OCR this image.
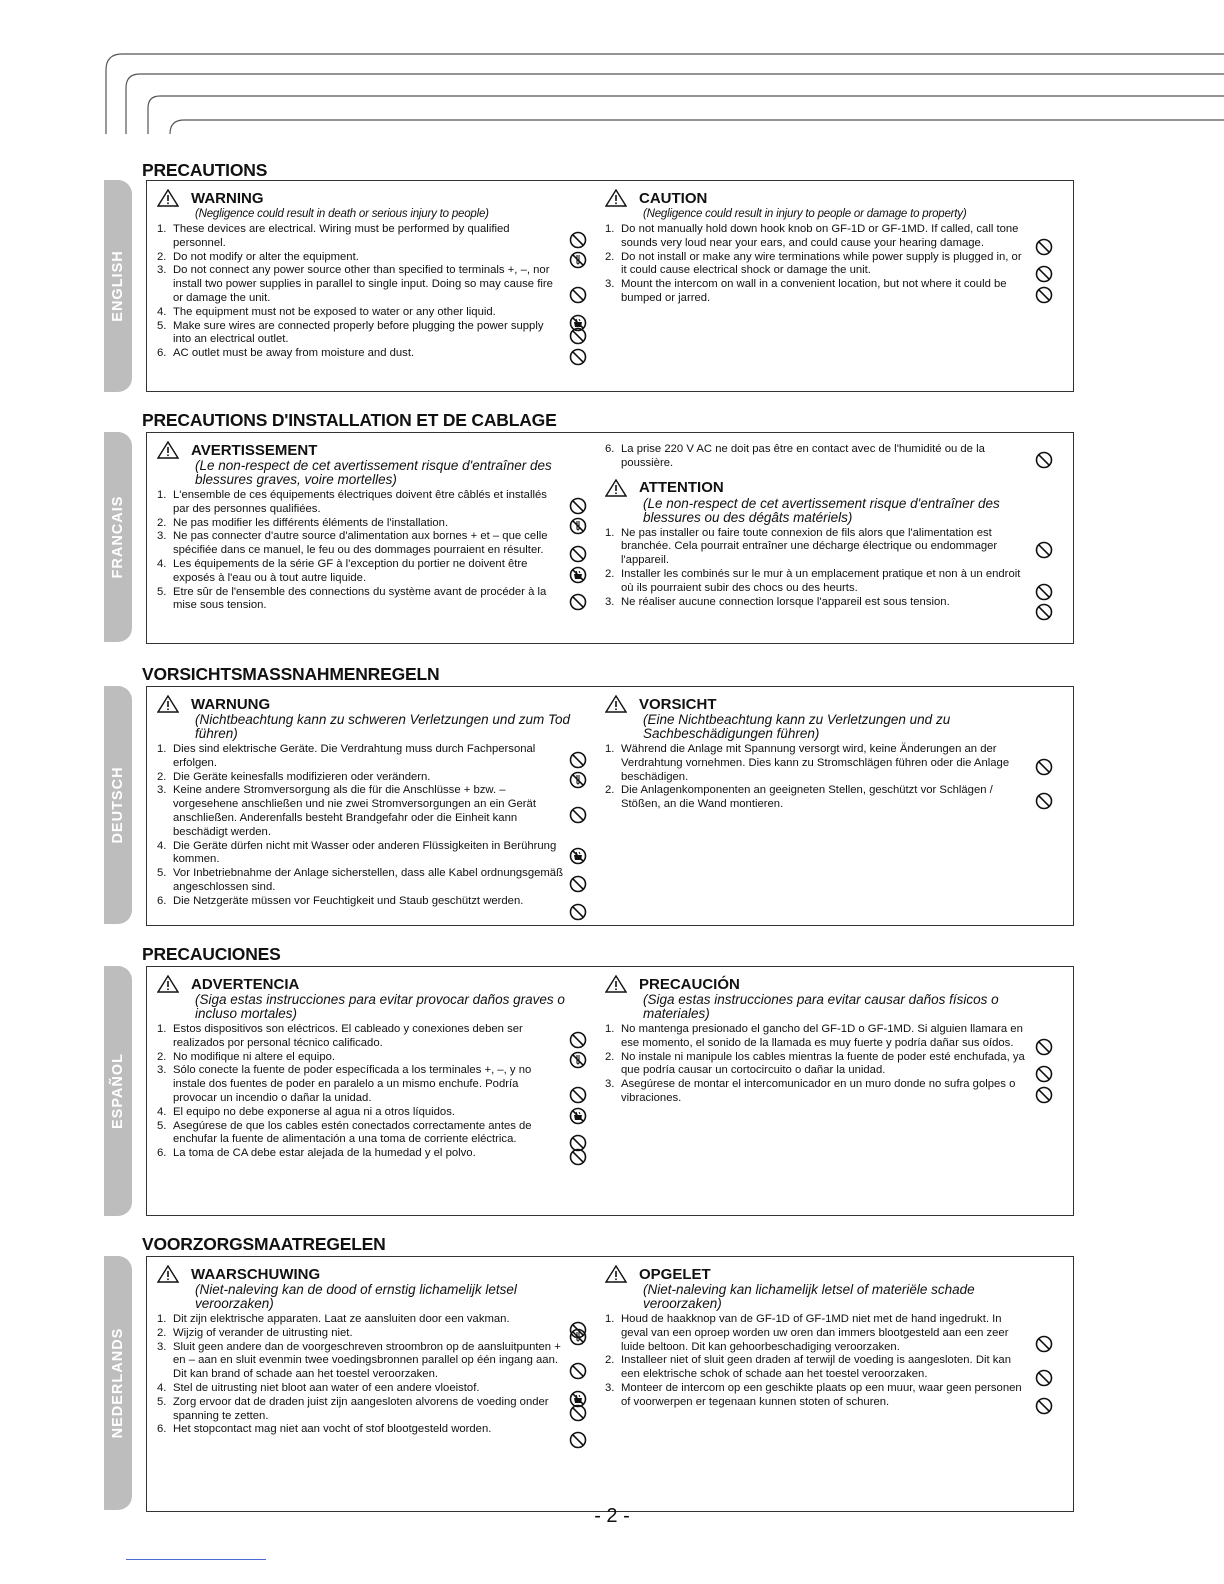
ENGLISH
PRECAUTIONS
WARNING
(Negligence could result in death or serious injury to people)
1. These devices are electrical. Wiring must be performed by qualified personnel.
2. Do not modify or alter the equipment.
3. Do not connect any power source other than specified to terminals +, –, nor install two power supplies in parallel to single input. Doing so may cause fire or damage the unit.
4. The equipment must not be exposed to water or any other liquid.
5. Make sure wires are connected properly before plugging the power supply into an electrical outlet.
6. AC outlet must be away from moisture and dust.
CAUTION
(Negligence could result in injury to people or damage to property)
1. Do not manually hold down hook knob on GF-1D or GF-1MD. If called, call tone sounds very loud near your ears, and could cause your hearing damage.
2. Do not install or make any wire terminations while power supply is plugged in, or it could cause electrical shock or damage the unit.
3. Mount the intercom on wall in a convenient location, but not where it could be bumped or jarred.
FRANCAIS
PRECAUTIONS D'INSTALLATION ET DE CABLAGE
AVERTISSEMENT
(Le non-respect de cet avertissement risque d'entraîner des blessures graves, voire mortelles)
1. L'ensemble de ces équipements électriques doivent être câblés et installés par des personnes qualifiées.
2. Ne pas modifier les différents éléments de l'installation.
3. Ne pas connecter d'autre source d'alimentation aux bornes + et – que celle spécifiée dans ce manuel, le feu ou des dommages pourraient en résulter.
4. Les équipements de la série GF à l'exception du portier ne doivent être exposés à l'eau ou à tout autre liquide.
5. Etre sûr de l'ensemble des connections du système avant de procéder à la mise sous tension.
6. La prise 220 V AC ne doit pas être en contact avec de l'humidité ou de la poussière.
ATTENTION
(Le non-respect de cet avertissement risque d'entraîner des blessures ou des dégâts matériels)
1. Ne pas installer ou faire toute connexion de fils alors que l'alimentation est branchée. Cela pourrait entraîner une décharge électrique ou endommager l'appareil.
2. Installer les combinés sur le mur à un emplacement pratique et non à un endroit où ils pourraient subir des chocs ou des heurts.
3. Ne réaliser aucune connection lorsque l'appareil est sous tension.
DEUTSCH
VORSICHTSMASSNAHMENREGELN
WARNUNG
(Nichtbeachtung kann zu schweren Verletzungen und zum Tod führen)
1. Dies sind elektrische Geräte. Die Verdrahtung muss durch Fachpersonal erfolgen.
2. Die Geräte keinesfalls modifizieren oder verändern.
3. Keine andere Stromversorgung als die für die Anschlüsse + bzw. – vorgesehene anschließen und nie zwei Stromversorgungen an ein Gerät anschließen. Anderenfalls besteht Brandgefahr oder die Einheit kann beschädigt werden.
4. Die Geräte dürfen nicht mit Wasser oder anderen Flüssigkeiten in Berührung kommen.
5. Vor Inbetriebnahme der Anlage sicherstellen, dass alle Kabel ordnungsgemäß angeschlossen sind.
6. Die Netzgeräte müssen vor Feuchtigkeit und Staub geschützt werden.
VORSICHT
(Eine Nichtbeachtung kann zu Verletzungen und zu Sachbeschädigungen führen)
1. Während die Anlage mit Spannung versorgt wird, keine Änderungen an der Verdrahtung vornehmen. Dies kann zu Stromschlägen führen oder die Anlage beschädigen.
2. Die Anlagenkomponenten an geeigneten Stellen, geschützt vor Schlägen / Stößen, an die Wand montieren.
ESPAÑOL
PRECAUCIONES
ADVERTENCIA
(Siga estas instrucciones para evitar provocar daños graves o incluso mortales)
1. Estos dispositivos son eléctricos. El cableado y conexiones deben ser realizados por personal técnico calificado.
2. No modifique ni altere el equipo.
3. Sólo conecte la fuente de poder específicada a los terminales +, –, y no instale dos fuentes de poder en paralelo a un mismo enchufe. Podría provocar un incendio o dañar la unidad.
4. El equipo no debe exponerse al agua ni a otros líquidos.
5. Asegúrese de que los cables estén conectados correctamente antes de enchufar la fuente de alimentación a una toma de corriente eléctrica.
6. La toma de CA debe estar alejada de la humedad y el polvo.
PRECAUCIÓN
(Siga estas instrucciones para evitar causar daños físicos o materiales)
1. No mantenga presionado el gancho del GF-1D o GF-1MD. Si alguien llamara en ese momento, el sonido de la llamada es muy fuerte y podría dañar sus oídos.
2. No instale ni manipule los cables mientras la fuente de poder esté enchufada, ya que podría causar un cortocircuito o dañar la unidad.
3. Asegúrese de montar el intercomunicador en un muro donde no sufra golpes o vibraciones.
NEDERLANDS
VOORZORGSMAATREGELEN
WAARSCHUWING
(Niet-naleving kan de dood of ernstig lichamelijk letsel veroorzaken)
1. Dit zijn elektrische apparaten. Laat ze aansluiten door een vakman.
2. Wijzig of verander de uitrusting niet.
3. Sluit geen andere dan de voorgeschreven stroombron op de aansluitpunten + en – aan en sluit evenmin twee voedingsbronnen parallel op één ingang aan. Dit kan brand of schade aan het toestel veroorzaken.
4. Stel de uitrusting niet bloot aan water of een andere vloeistof.
5. Zorg ervoor dat de draden juist zijn aangesloten alvorens de voeding onder spanning te zetten.
6. Het stopcontact mag niet aan vocht of stof blootgesteld worden.
OPGELET
(Niet-naleving kan lichamelijk letsel of materiële schade veroorzaken)
1. Houd de haakknop van de GF-1D of GF-1MD niet met de hand ingedrukt. In geval van een oproep worden uw oren dan immers blootgesteld aan een zeer luide beltoon. Dit kan gehoorbeschadiging veroorzaken.
2. Installeer niet of sluit geen draden af terwijl de voeding is aangesloten. Dit kan een elektrische schok of schade aan het toestel veroorzaken.
3. Monteer de intercom op een geschikte plaats op een muur, waar geen personen of voorwerpen er tegenaan kunnen stoten of schuren.
- 2 -
